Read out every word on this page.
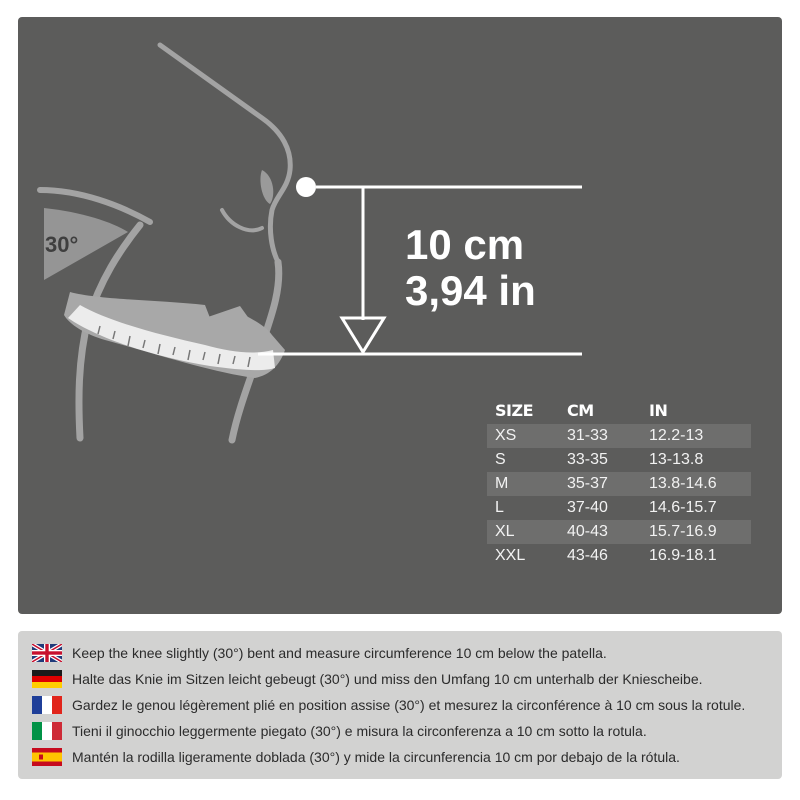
30°	10 cm
3,94 in
SIZE	CM	IN
XS	31-33	12.2-13
S	33-35	13-13.8
M	35-37	13.8-14.6
L	37-40	14.6-15.7
XL	40-43	15.7-16.9
XXL	43-46	16.9-18.1
Keep the knee slightly (30°) bent and measure circumference 10 cm below the patella.
Halte das Knie im Sitzen leicht gebeugt (30°) und miss den Umfang 10 cm unterhalb der Kniescheibe.
Gardez le genou légèrement plié en position assise (30°) et mesurez la circonférence à 10 cm sous la rotule.
Tieni il ginocchio leggermente piegato (30°) e misura la circonferenza a 10 cm sotto la rotula.
Mantén la rodilla ligeramente doblada (30°) y mide la circunferencia 10 cm por debajo de la rótula.
